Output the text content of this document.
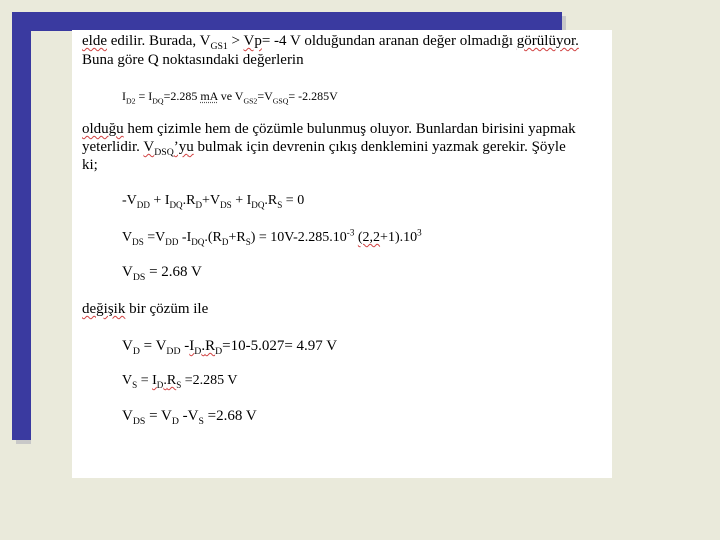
elde edilir. Burada, $V_{GS1} > Vp= -4$ V olduğundan aranan değer olmadığı görülüyor.
Buna göre Q noktasındaki değerlerin
$I_{D2} = I_{DQ}=2.285$ mA ve $V_{GS2}=V_{GSQ}= -2.285V$
olduğu hem çizimle hem de çözümle bulunmuş oluyor. Bunlardan birisini yapmak
yeterlidir. $V_{DSQ}’yu$ bulmak için devrenin çıkış denklemini yazmak gerekir. Şöyle
ki;
$-V_{DD} + I_{DQ}.R_D+V_{DS} + I_{DQ}.R_S = 0$
$V_{DS} =V_{DD}$ $-I_{DQ}.(R_D+R_S) = 10V-2.285.10^{-3}$ $(2,2+1).10^3$
$V_{DS} = 2.68$ V
değişik bir çözüm ile
$V_D = V_{DD}$ $-I_D.R_D=10-5.027= 4.97$ V
$V_S = I_D.R_S =2.285$ V
$V_{DS} = V_D$ $-V_S =2.68$ V
